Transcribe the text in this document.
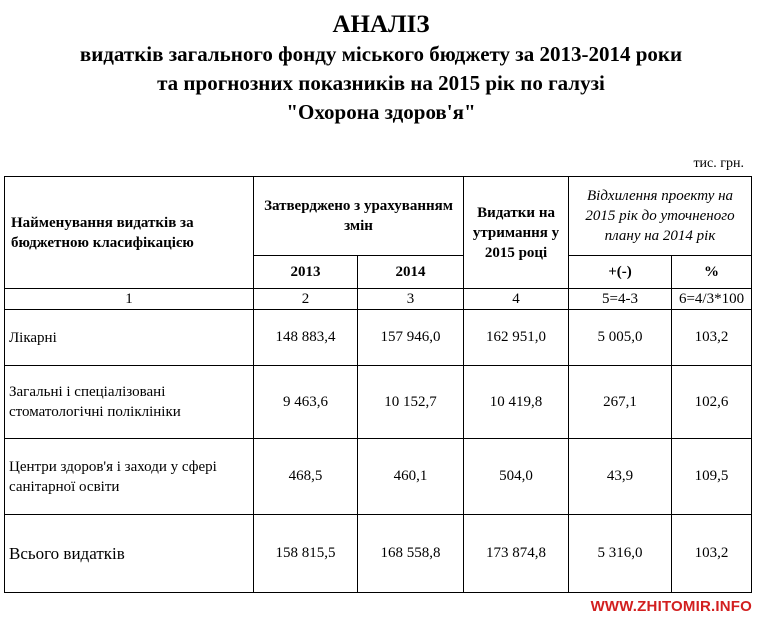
АНАЛІЗ
видатків загального фонду міського бюджету за 2013-2014 роки
та прогнозних показників на 2015 рік по галузі
"Охорона здоров'я"
тис. грн.
Найменування видатків за бюджетною класифікацією	Затверджено з урахуванням змін		Видатки на утримання у 2015 році	Відхилення проекту на 2015 рік до уточненого плану на 2014 рік	
	2013	2014		+(-)	%
1	2	3	4	5=4-3	6=4/3*100
Лікарні	148 883,4	157 946,0	162 951,0	5 005,0	103,2
Загальні і спеціалізовані стоматологічні поліклініки	9 463,6	10 152,7	10 419,8	267,1	102,6
Центри здоров'я і заходи у сфері санітарної освіти	468,5	460,1	504,0	43,9	109,5
Всього видатків	158 815,5	168 558,8	173 874,8	5 316,0	103,2
WWW.ZHITOMIR.INFO
